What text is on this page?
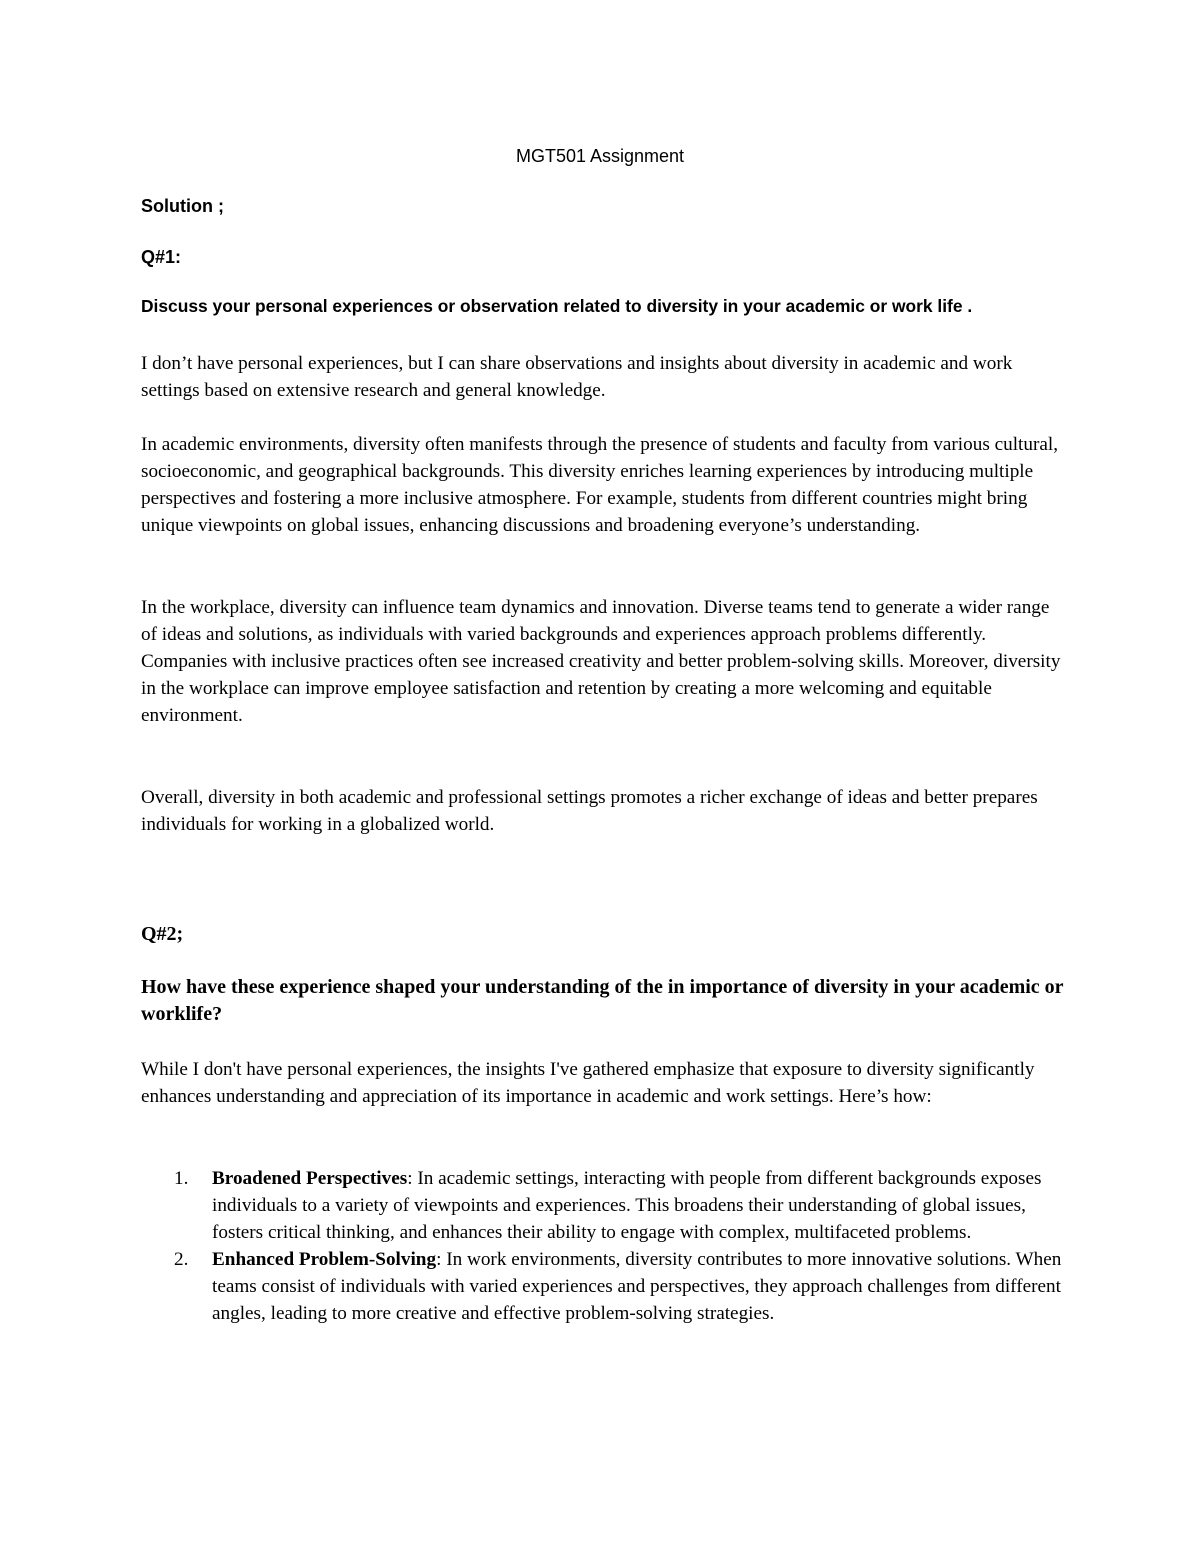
MGT501 Assignment
Solution ;
Q#1:
Discuss your personal experiences or observation related to diversity in your academic or work life .

I don’t have personal experiences, but I can share observations and insights about diversity in academic and work settings based on extensive research and general knowledge.

In academic environments, diversity often manifests through the presence of students and faculty from various cultural, socioeconomic, and geographical backgrounds. This diversity enriches learning experiences by introducing multiple perspectives and fostering a more inclusive atmosphere. For example, students from different countries might bring unique viewpoints on global issues, enhancing discussions and broadening everyone’s understanding.

In the workplace, diversity can influence team dynamics and innovation. Diverse teams tend to generate a wider range of ideas and solutions, as individuals with varied backgrounds and experiences approach problems differently. Companies with inclusive practices often see increased creativity and better problem-solving skills. Moreover, diversity in the workplace can improve employee satisfaction and retention by creating a more welcoming and equitable environment.

Overall, diversity in both academic and professional settings promotes a richer exchange of ideas and better prepares individuals for working in a globalized world.

Q#2;

How have these experience shaped your understanding of the in importance of diversity in your academic or worklife?

While I don't have personal experiences, the insights I've gathered emphasize that exposure to diversity significantly enhances understanding and appreciation of its importance in academic and work settings. Here’s how:

1. Broadened Perspectives: In academic settings, interacting with people from different backgrounds exposes individuals to a variety of viewpoints and experiences. This broadens their understanding of global issues, fosters critical thinking, and enhances their ability to engage with complex, multifaceted problems.
2. Enhanced Problem-Solving: In work environments, diversity contributes to more innovative solutions. When teams consist of individuals with varied experiences and perspectives, they approach challenges from different angles, leading to more creative and effective problem-solving strategies.
